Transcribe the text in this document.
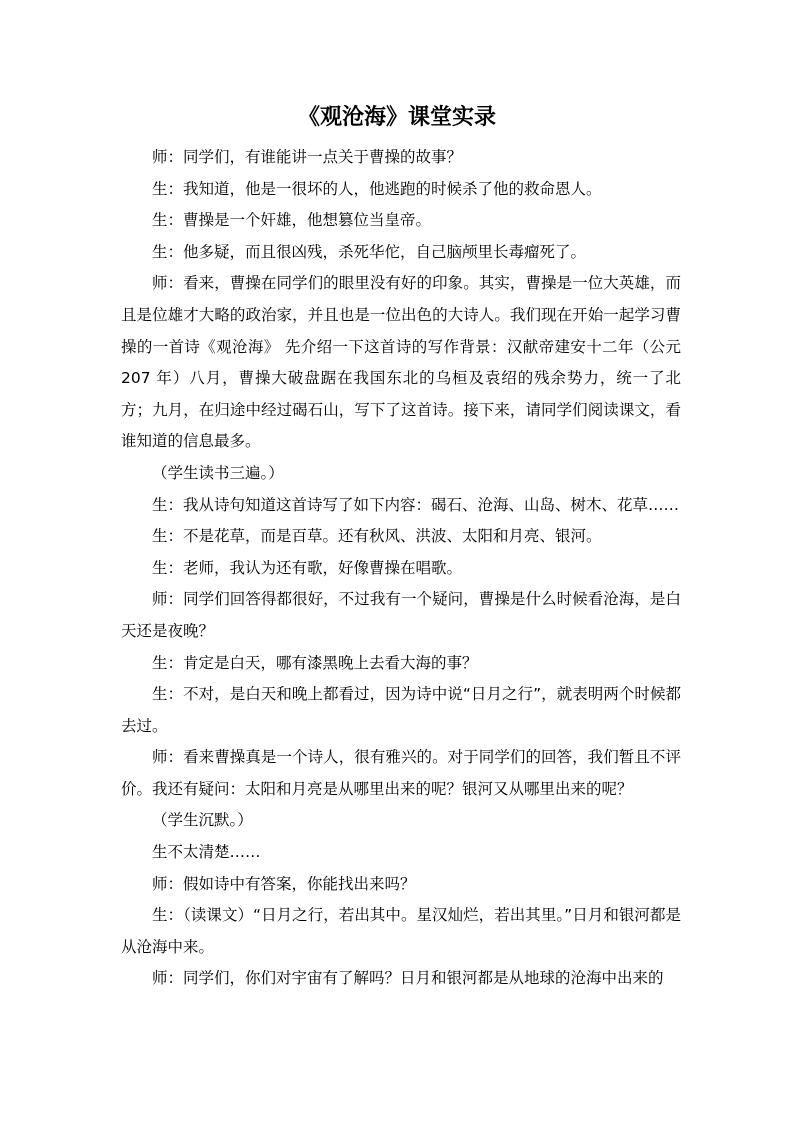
《观沧海》课堂实录

师：同学们，有谁能讲一点关于曹操的故事？

生：我知道，他是一很坏的人，他逃跑的时候杀了他的救命恩人。

生：曹操是一个奸雄，他想篡位当皇帝。

生：他多疑，而且很凶残，杀死华佗，自己脑颅里长毒瘤死了。

师：看来，曹操在同学们的眼里没有好的印象。其实，曹操是一位大英雄，而且是位雄才大略的政治家，并且也是一位出色的大诗人。我们现在开始一起学习曹操的一首诗《观沧海》 先介绍一下这首诗的写作背景：汉献帝建安十二年（公元 207 年）八月，曹操大破盘踞在我国东北的乌桓及袁绍的残余势力，统一了北方；九月，在归途中经过碣石山，写下了这首诗。接下来，请同学们阅读课文，看谁知道的信息最多。

（学生读书三遍。）

生：我从诗句知道这首诗写了如下内容：碣石、沧海、山岛、树木、花草……

生：不是花草，而是百草。还有秋风、洪波、太阳和月亮、银河。

生：老师，我认为还有歌，好像曹操在唱歌。

师：同学们回答得都很好，不过我有一个疑问，曹操是什么时候看沧海，是白天还是夜晚？

生：肯定是白天，哪有漆黑晚上去看大海的事？

生：不对，是白天和晚上都看过，因为诗中说“日月之行”，就表明两个时候都去过。

师：看来曹操真是一个诗人，很有雅兴的。对于同学们的回答，我们暂且不评价。我还有疑问：太阳和月亮是从哪里出来的呢？银河又从哪里出来的呢？

（学生沉默。）

生不太清楚……

师：假如诗中有答案，你能找出来吗？

生：（读课文）“日月之行，若出其中。星汉灿烂，若出其里。”日月和银河都是从沧海中来。

师：同学们，你们对宇宙有了解吗？日月和银河都是从地球的沧海中出来的
